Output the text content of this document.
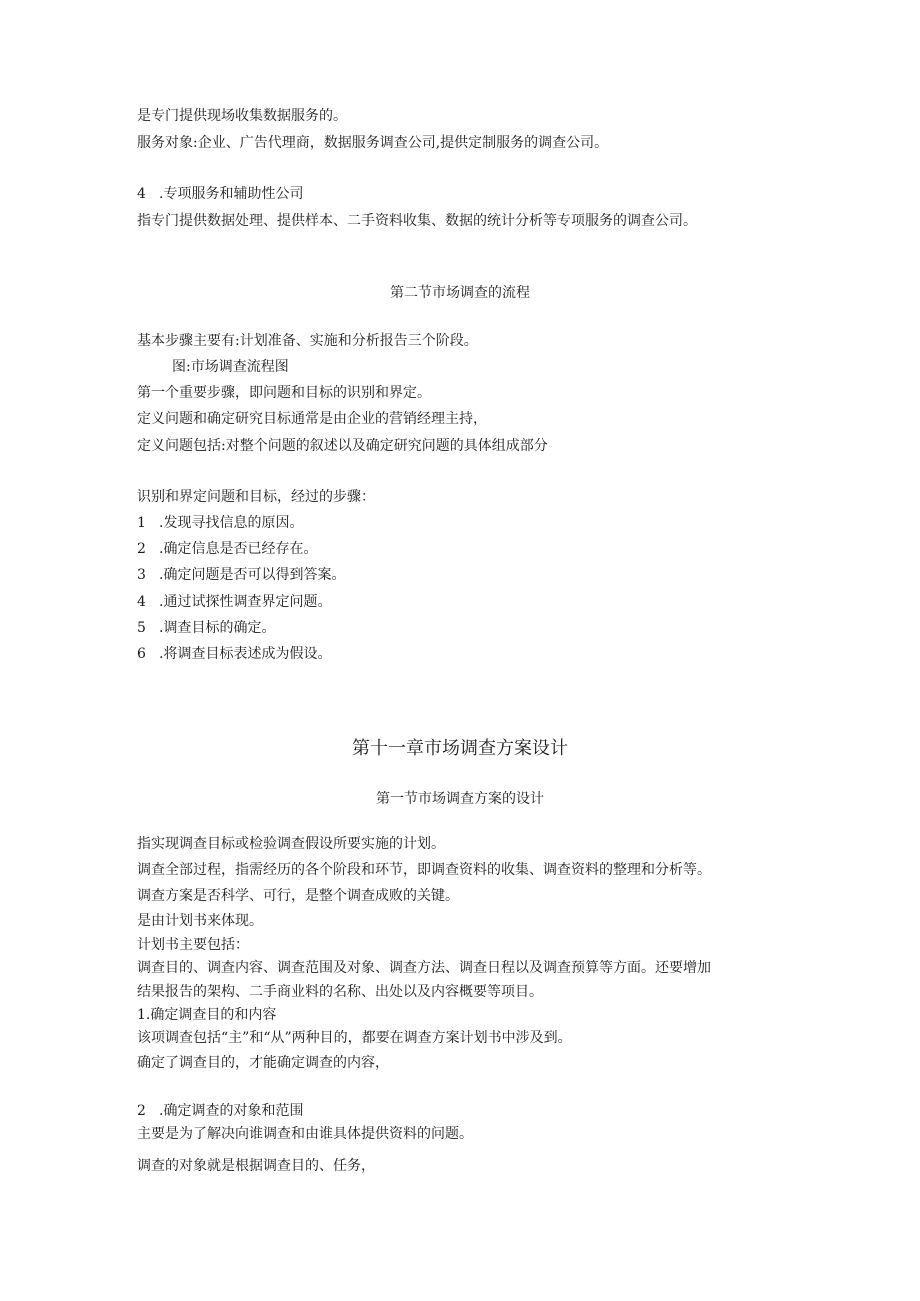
是专门提供现场收集数据服务的。
服务对象:企业、广告代理商，数据服务调查公司,提供定制服务的调查公司。
4 .专项服务和辅助性公司
指专门提供数据处理、提供样本、二手资料收集、数据的统计分析等专项服务的调查公司。
第二节市场调查的流程
基本步骤主要有:计划准备、实施和分析报告三个阶段。
图:市场调查流程图
第一个重要步骤，即问题和目标的识别和界定。
定义问题和确定研究目标通常是由企业的营销经理主持，
定义问题包括:对整个问题的叙述以及确定研究问题的具体组成部分
识别和界定问题和目标，经过的步骤：
1 .发现寻找信息的原因。
2 .确定信息是否已经存在。
3 .确定问题是否可以得到答案。
4 .通过试探性调查界定问题。
5 .调查目标的确定。
6 .将调查目标表述成为假设。
第十一章市场调查方案设计
第一节市场调查方案的设计
指实现调查目标或检验调查假设所要实施的计划。
调查全部过程，指需经历的各个阶段和环节，即调查资料的收集、调查资料的整理和分析等。
调查方案是否科学、可行，是整个调查成败的关键。
是由计划书来体现。
计划书主要包括：
调查目的、调查内容、调查范围及对象、调查方法、调查日程以及调查预算等方面。还要增加
结果报告的架构、二手商业料的名称、出处以及内容概要等项目。
1.确定调查目的和内容
该项调查包括“主”和“从”两种目的，都要在调查方案计划书中涉及到。
确定了调查目的，才能确定调查的内容，
2 .确定调查的对象和范围
主要是为了解决向谁调查和由谁具体提供资料的问题。
调查的对象就是根据调查目的、任务，
